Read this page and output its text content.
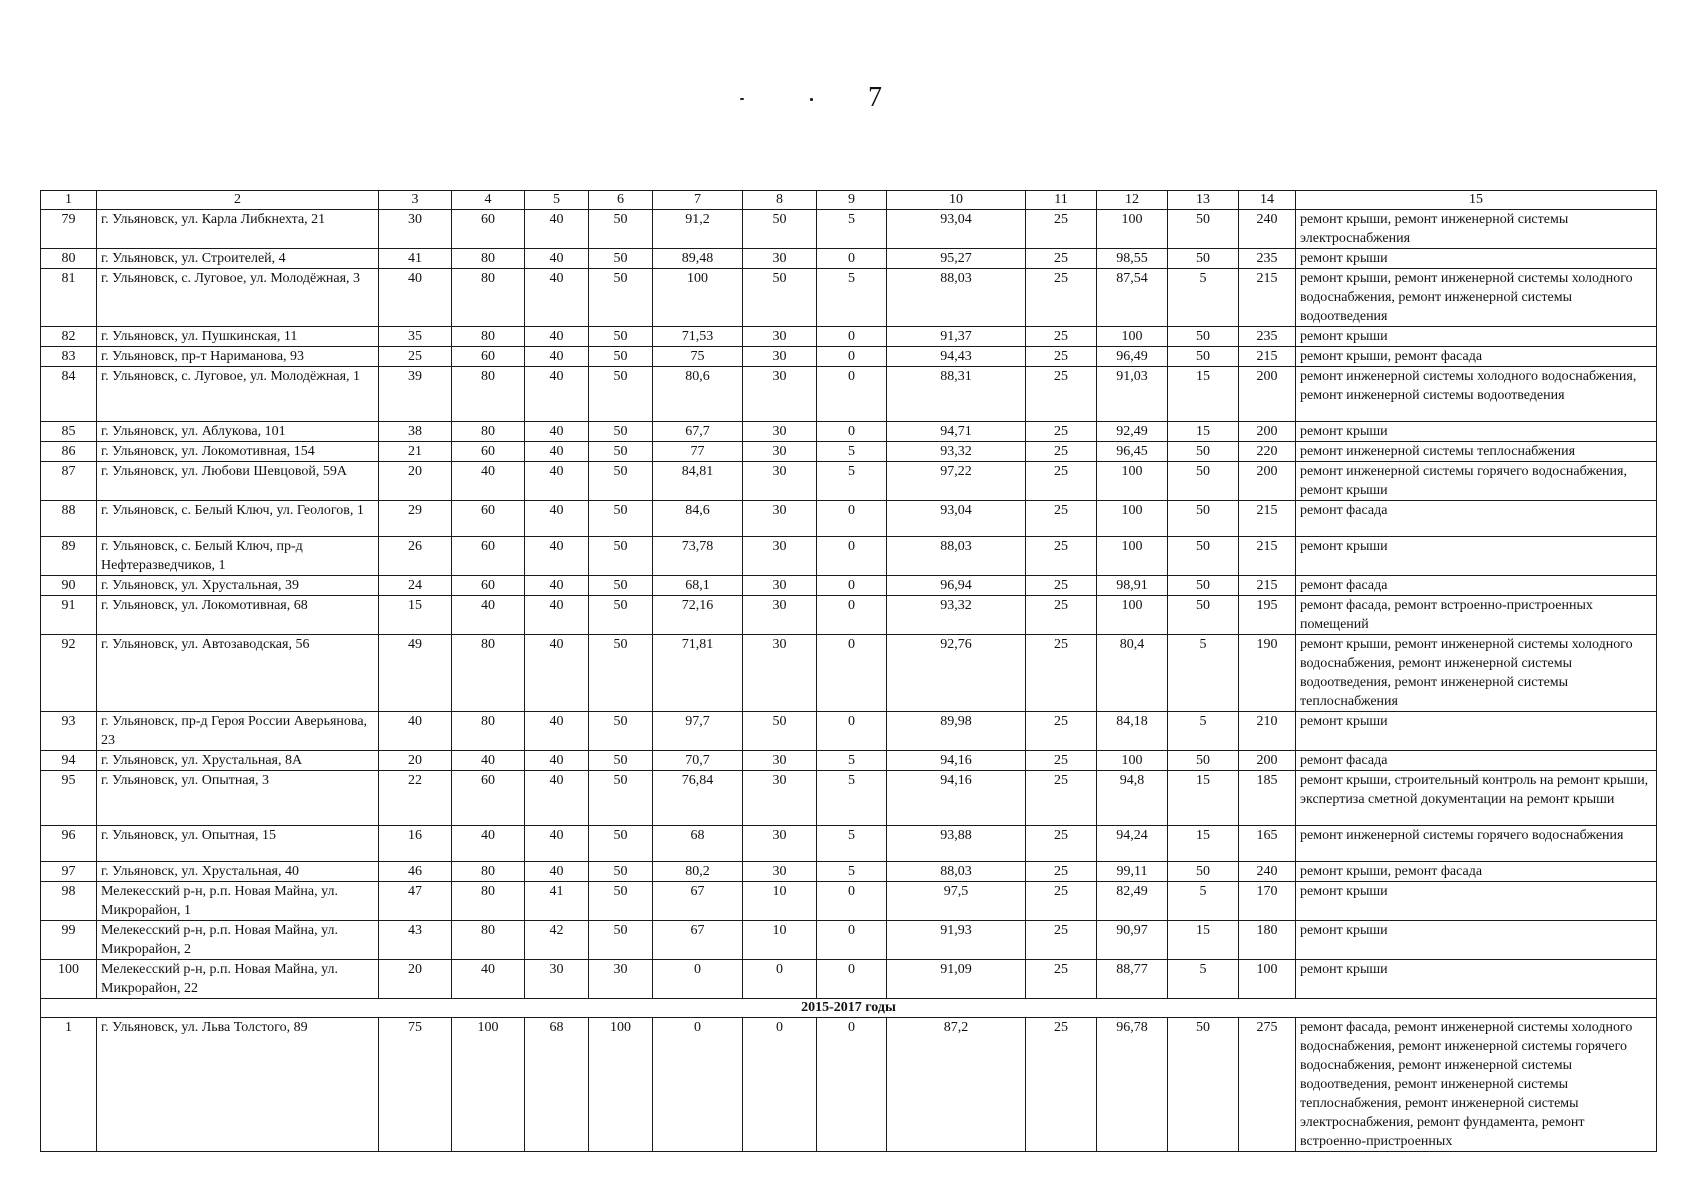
7
1	2	3	4	5	6	7	8	9	10	11	12	13	14	15
79	г. Ульяновск, ул. Карла Либкнехта, 21	30	60	40	50	91,2	50	5	93,04	25	100	50	240	ремонт крыши, ремонт инженерной системы электроснабжения
80	г. Ульяновск, ул. Строителей, 4	41	80	40	50	89,48	30	0	95,27	25	98,55	50	235	ремонт крыши
81	г. Ульяновск, с. Луговое, ул. Молодёжная, 3	40	80	40	50	100	50	5	88,03	25	87,54	5	215	ремонт крыши, ремонт инженерной системы холодного водоснабжения, ремонт инженерной системы водоотведения
82	г. Ульяновск, ул. Пушкинская, 11	35	80	40	50	71,53	30	0	91,37	25	100	50	235	ремонт крыши
83	г. Ульяновск, пр-т Нариманова, 93	25	60	40	50	75	30	0	94,43	25	96,49	50	215	ремонт крыши, ремонт фасада
84	г. Ульяновск, с. Луговое, ул. Молодёжная, 1	39	80	40	50	80,6	30	0	88,31	25	91,03	15	200	ремонт инженерной системы холодного водоснабжения, ремонт инженерной системы водоотведения
85	г. Ульяновск, ул. Аблукова, 101	38	80	40	50	67,7	30	0	94,71	25	92,49	15	200	ремонт крыши
86	г. Ульяновск, ул. Локомотивная, 154	21	60	40	50	77	30	5	93,32	25	96,45	50	220	ремонт инженерной системы теплоснабжения
87	г. Ульяновск, ул. Любови Шевцовой, 59А	20	40	40	50	84,81	30	5	97,22	25	100	50	200	ремонт инженерной системы горячего водоснабжения, ремонт крыши
88	г. Ульяновск, с. Белый Ключ, ул. Геологов, 1	29	60	40	50	84,6	30	0	93,04	25	100	50	215	ремонт фасада
89	г. Ульяновск, с. Белый Ключ, пр-д Нефтеразведчиков, 1	26	60	40	50	73,78	30	0	88,03	25	100	50	215	ремонт крыши
90	г. Ульяновск, ул. Хрустальная, 39	24	60	40	50	68,1	30	0	96,94	25	98,91	50	215	ремонт фасада
91	г. Ульяновск, ул. Локомотивная, 68	15	40	40	50	72,16	30	0	93,32	25	100	50	195	ремонт фасада, ремонт встроенно-пристроенных помещений
92	г. Ульяновск, ул. Автозаводская, 56	49	80	40	50	71,81	30	0	92,76	25	80,4	5	190	ремонт крыши, ремонт инженерной системы холодного водоснабжения, ремонт инженерной системы водоотведения, ремонт инженерной системы теплоснабжения
93	г. Ульяновск, пр-д Героя России Аверьянова, 23	40	80	40	50	97,7	50	0	89,98	25	84,18	5	210	ремонт крыши
94	г. Ульяновск, ул. Хрустальная, 8А	20	40	40	50	70,7	30	5	94,16	25	100	50	200	ремонт фасада
95	г. Ульяновск, ул. Опытная, 3	22	60	40	50	76,84	30	5	94,16	25	94,8	15	185	ремонт крыши, строительный контроль на ремонт крыши, экспертиза сметной документации на ремонт крыши
96	г. Ульяновск, ул. Опытная, 15	16	40	40	50	68	30	5	93,88	25	94,24	15	165	ремонт инженерной системы горячего водоснабжения
97	г. Ульяновск, ул. Хрустальная, 40	46	80	40	50	80,2	30	5	88,03	25	99,11	50	240	ремонт крыши, ремонт фасада
98	Мелекесский р-н, р.п. Новая Майна, ул. Микрорайон, 1	47	80	41	50	67	10	0	97,5	25	82,49	5	170	ремонт крыши
99	Мелекесский р-н, р.п. Новая Майна, ул. Микрорайон, 2	43	80	42	50	67	10	0	91,93	25	90,97	15	180	ремонт крыши
100	Мелекесский р-н, р.п. Новая Майна, ул. Микрорайон, 22	20	40	30	30	0	0	0	91,09	25	88,77	5	100	ремонт крыши
2015-2017 годы														
1	г. Ульяновск, ул. Льва Толстого, 89	75	100	68	100	0	0	0	87,2	25	96,78	50	275	ремонт фасада, ремонт инженерной системы холодного водоснабжения, ремонт инженерной системы горячего водоснабжения, ремонт инженерной системы водоотведения, ремонт инженерной системы теплоснабжения, ремонт инженерной системы электроснабжения, ремонт фундамента, ремонт встроенно-пристроенных
